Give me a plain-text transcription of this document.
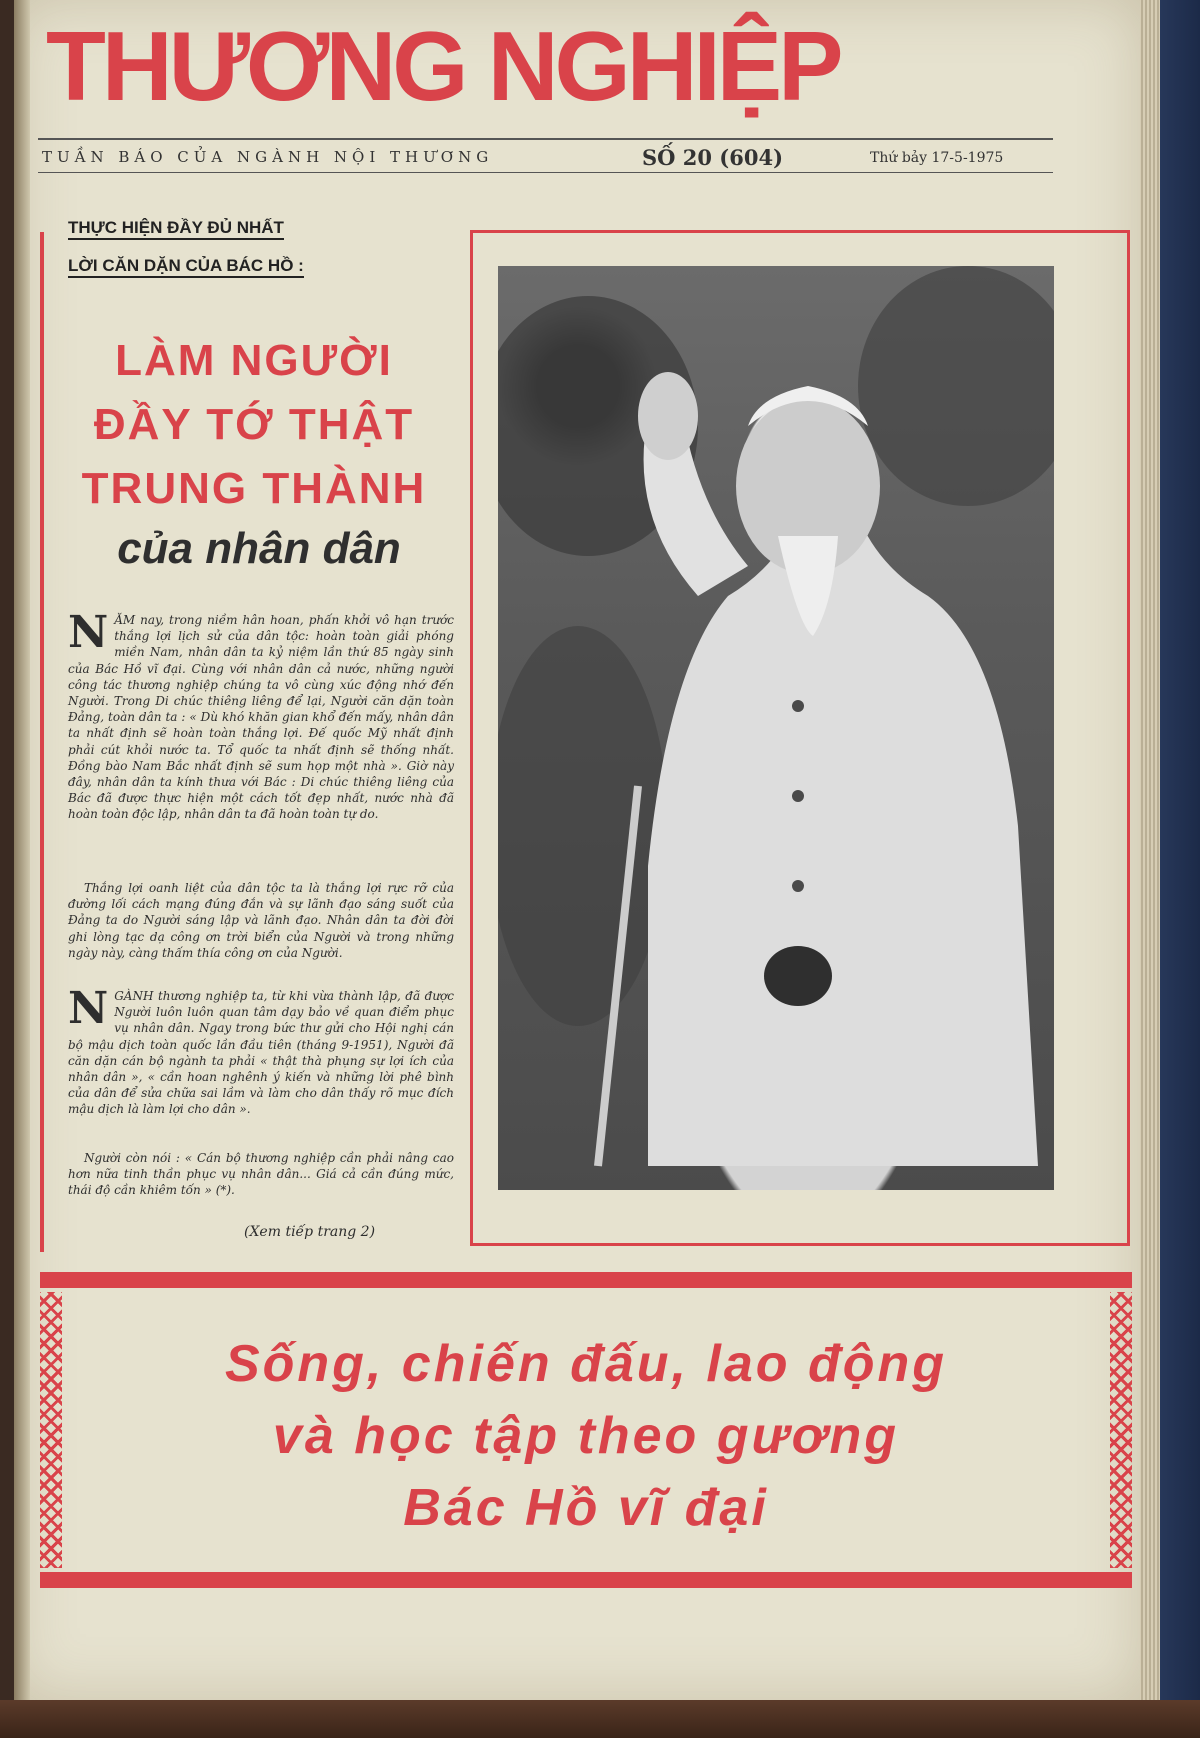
THƯƠNG NGHIỆP
TUẦN BÁO CỦA NGÀNH NỘI THƯƠNG	SỐ 20 (604)	Thứ bảy 17-5-1975
THỰC HIỆN ĐẦY ĐỦ NHẤT
LỜI CĂN DẶN CỦA BÁC HỒ :
LÀM NGƯỜI
ĐẦY TỚ THẬT
TRUNG THÀNH
của nhân dân

NĂM nay, trong niềm hân hoan, phấn khởi vô hạn trước thắng lợi lịch sử của dân tộc: hoàn toàn giải phóng miền Nam, nhân dân ta kỷ niệm lần thứ 85 ngày sinh của Bác Hồ vĩ đại. Cùng với nhân dân cả nước, những người công tác thương nghiệp chúng ta vô cùng xúc động nhớ đến Người. Trong Di chúc thiêng liêng để lại, Người căn dặn toàn Đảng, toàn dân ta : « Dù khó khăn gian khổ đến mấy, nhân dân ta nhất định sẽ hoàn toàn thắng lợi. Đế quốc Mỹ nhất định phải cút khỏi nước ta. Tổ quốc ta nhất định sẽ thống nhất. Đồng bào Nam Bắc nhất định sẽ sum họp một nhà ». Giờ này đây, nhân dân ta kính thưa với Bác : Di chúc thiêng liêng của Bác đã được thực hiện một cách tốt đẹp nhất, nước nhà đã hoàn toàn độc lập, nhân dân ta đã hoàn toàn tự do.

Thắng lợi oanh liệt của dân tộc ta là thắng lợi rực rỡ của đường lối cách mạng đúng đắn và sự lãnh đạo sáng suốt của Đảng ta do Người sáng lập và lãnh đạo. Nhân dân ta đời đời ghi lòng tạc dạ công ơn trời biển của Người và trong những ngày này, càng thấm thía công ơn của Người.

NGÀNH thương nghiệp ta, từ khi vừa thành lập, đã được Người luôn luôn quan tâm dạy bảo về quan điểm phục vụ nhân dân. Ngay trong bức thư gửi cho Hội nghị cán bộ mậu dịch toàn quốc lần đầu tiên (tháng 9-1951), Người đã căn dặn cán bộ ngành ta phải « thật thà phụng sự lợi ích của nhân dân », « cần hoan nghênh ý kiến và những lời phê bình của dân để sửa chữa sai lầm và làm cho dân thấy rõ mục đích mậu dịch là làm lợi cho dân ».

Người còn nói : « Cán bộ thương nghiệp cần phải nâng cao hơn nữa tinh thần phục vụ nhân dân... Giá cả cần đúng mức, thái độ cần khiêm tốn » (*).

(Xem tiếp trang 2)
Sống, chiến đấu, lao động
và học tập theo gương
Bác Hồ vĩ đại
